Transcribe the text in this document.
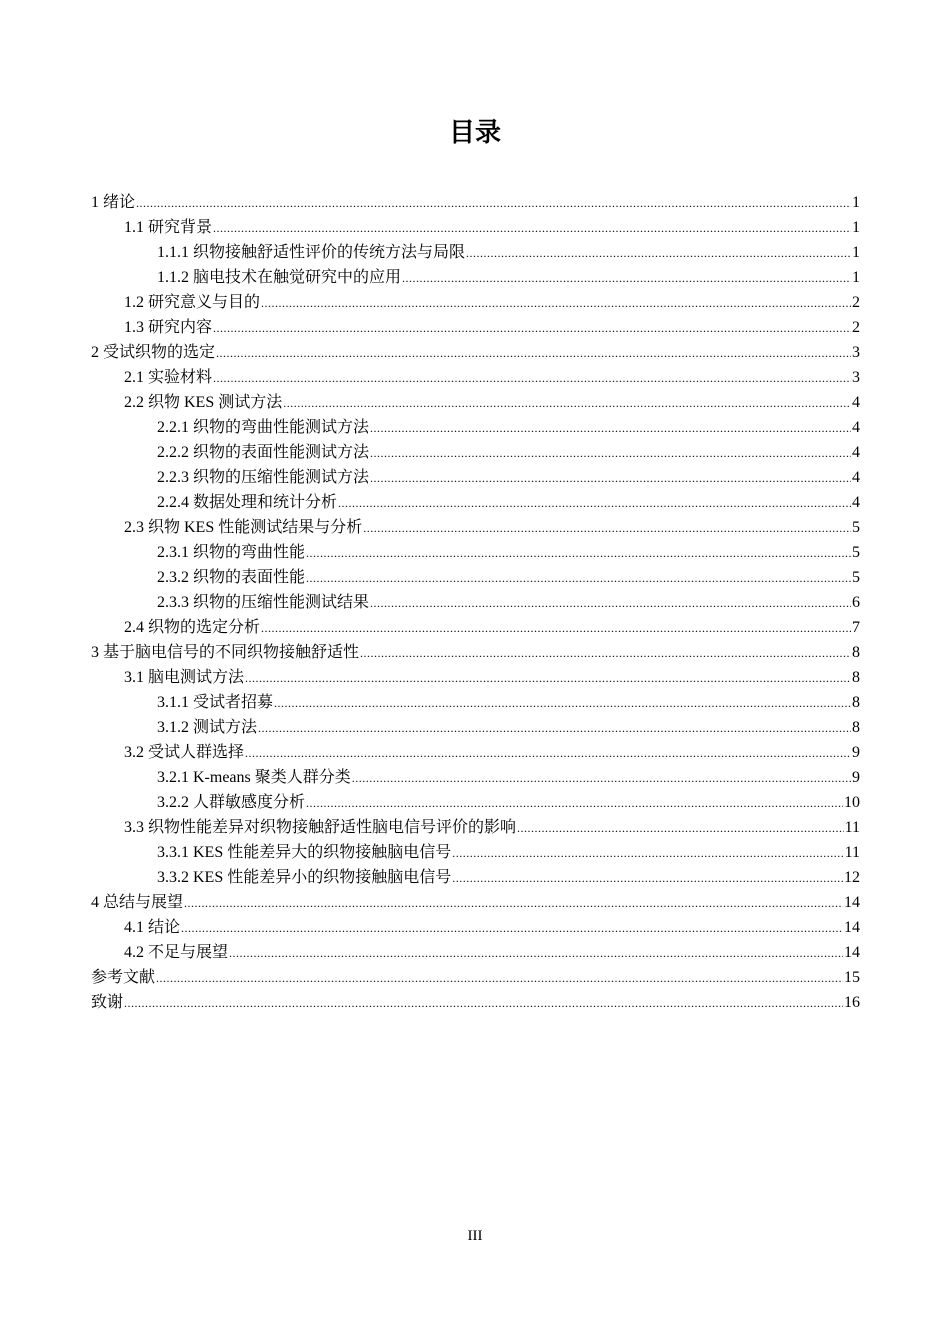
目录
1 绪论 .....	1
1.1 研究背景 .....	1
1.1.1 织物接触舒适性评价的传统方法与局限 .....	1
1.1.2 脑电技术在触觉研究中的应用 .....	1
1.2 研究意义与目的 .....	2
1.3 研究内容 .....	2
2 受试织物的选定 .....	3
2.1 实验材料 .....	3
2.2 织物 KES 测试方法 .....	4
2.2.1 织物的弯曲性能测试方法 .....	4
2.2.2 织物的表面性能测试方法 .....	4
2.2.3 织物的压缩性能测试方法 .....	4
2.2.4 数据处理和统计分析 .....	4
2.3 织物 KES 性能测试结果与分析 .....	5
2.3.1 织物的弯曲性能 .....	5
2.3.2 织物的表面性能 .....	5
2.3.3 织物的压缩性能测试结果 .....	6
2.4 织物的选定分析 .....	7
3 基于脑电信号的不同织物接触舒适性 .....	8
3.1 脑电测试方法 .....	8
3.1.1 受试者招募 .....	8
3.1.2 测试方法 .....	8
3.2 受试人群选择 .....	9
3.2.1 K-means 聚类人群分类 .....	9
3.2.2 人群敏感度分析 .....	10
3.3 织物性能差异对织物接触舒适性脑电信号评价的影响 .....	11
3.3.1 KES 性能差异大的织物接触脑电信号 .....	11
3.3.2 KES 性能差异小的织物接触脑电信号 .....	12
4 总结与展望 .....	14
4.1 结论 .....	14
4.2 不足与展望 .....	14
参考文献 .....	15
致谢 .....	16
III
